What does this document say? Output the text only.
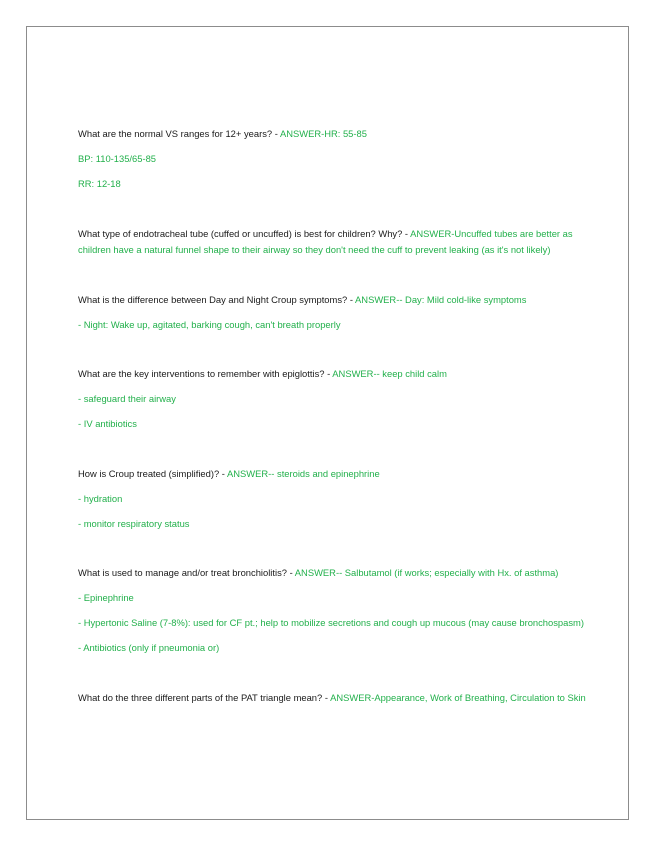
What are the normal VS ranges for 12+ years? - ANSWER-HR: 55-85

BP: 110-135/65-85

RR: 12-18

What type of endotracheal tube (cuffed or uncuffed) is best for children? Why? - ANSWER-Uncuffed tubes are better as children have a natural funnel shape to their airway so they don't need the cuff to prevent leaking (as it's not likely)

What is the difference between Day and Night Croup symptoms? - ANSWER-- Day: Mild cold-like symptoms

- Night: Wake up, agitated, barking cough, can't breath properly

What are the key interventions to remember with epiglottis? - ANSWER-- keep child calm

- safeguard their airway

- IV antibiotics

How is Croup treated (simplified)? - ANSWER-- steroids and epinephrine

- hydration

- monitor respiratory status

What is used to manage and/or treat bronchiolitis? - ANSWER-- Salbutamol (if works; especially with Hx. of asthma)

- Epinephrine

- Hypertonic Saline (7-8%): used for CF pt.; help to mobilize secretions and cough up mucous (may cause bronchospasm)

- Antibiotics (only if pneumonia or)

What do the three different parts of the PAT triangle mean? - ANSWER-Appearance, Work of Breathing, Circulation to Skin
